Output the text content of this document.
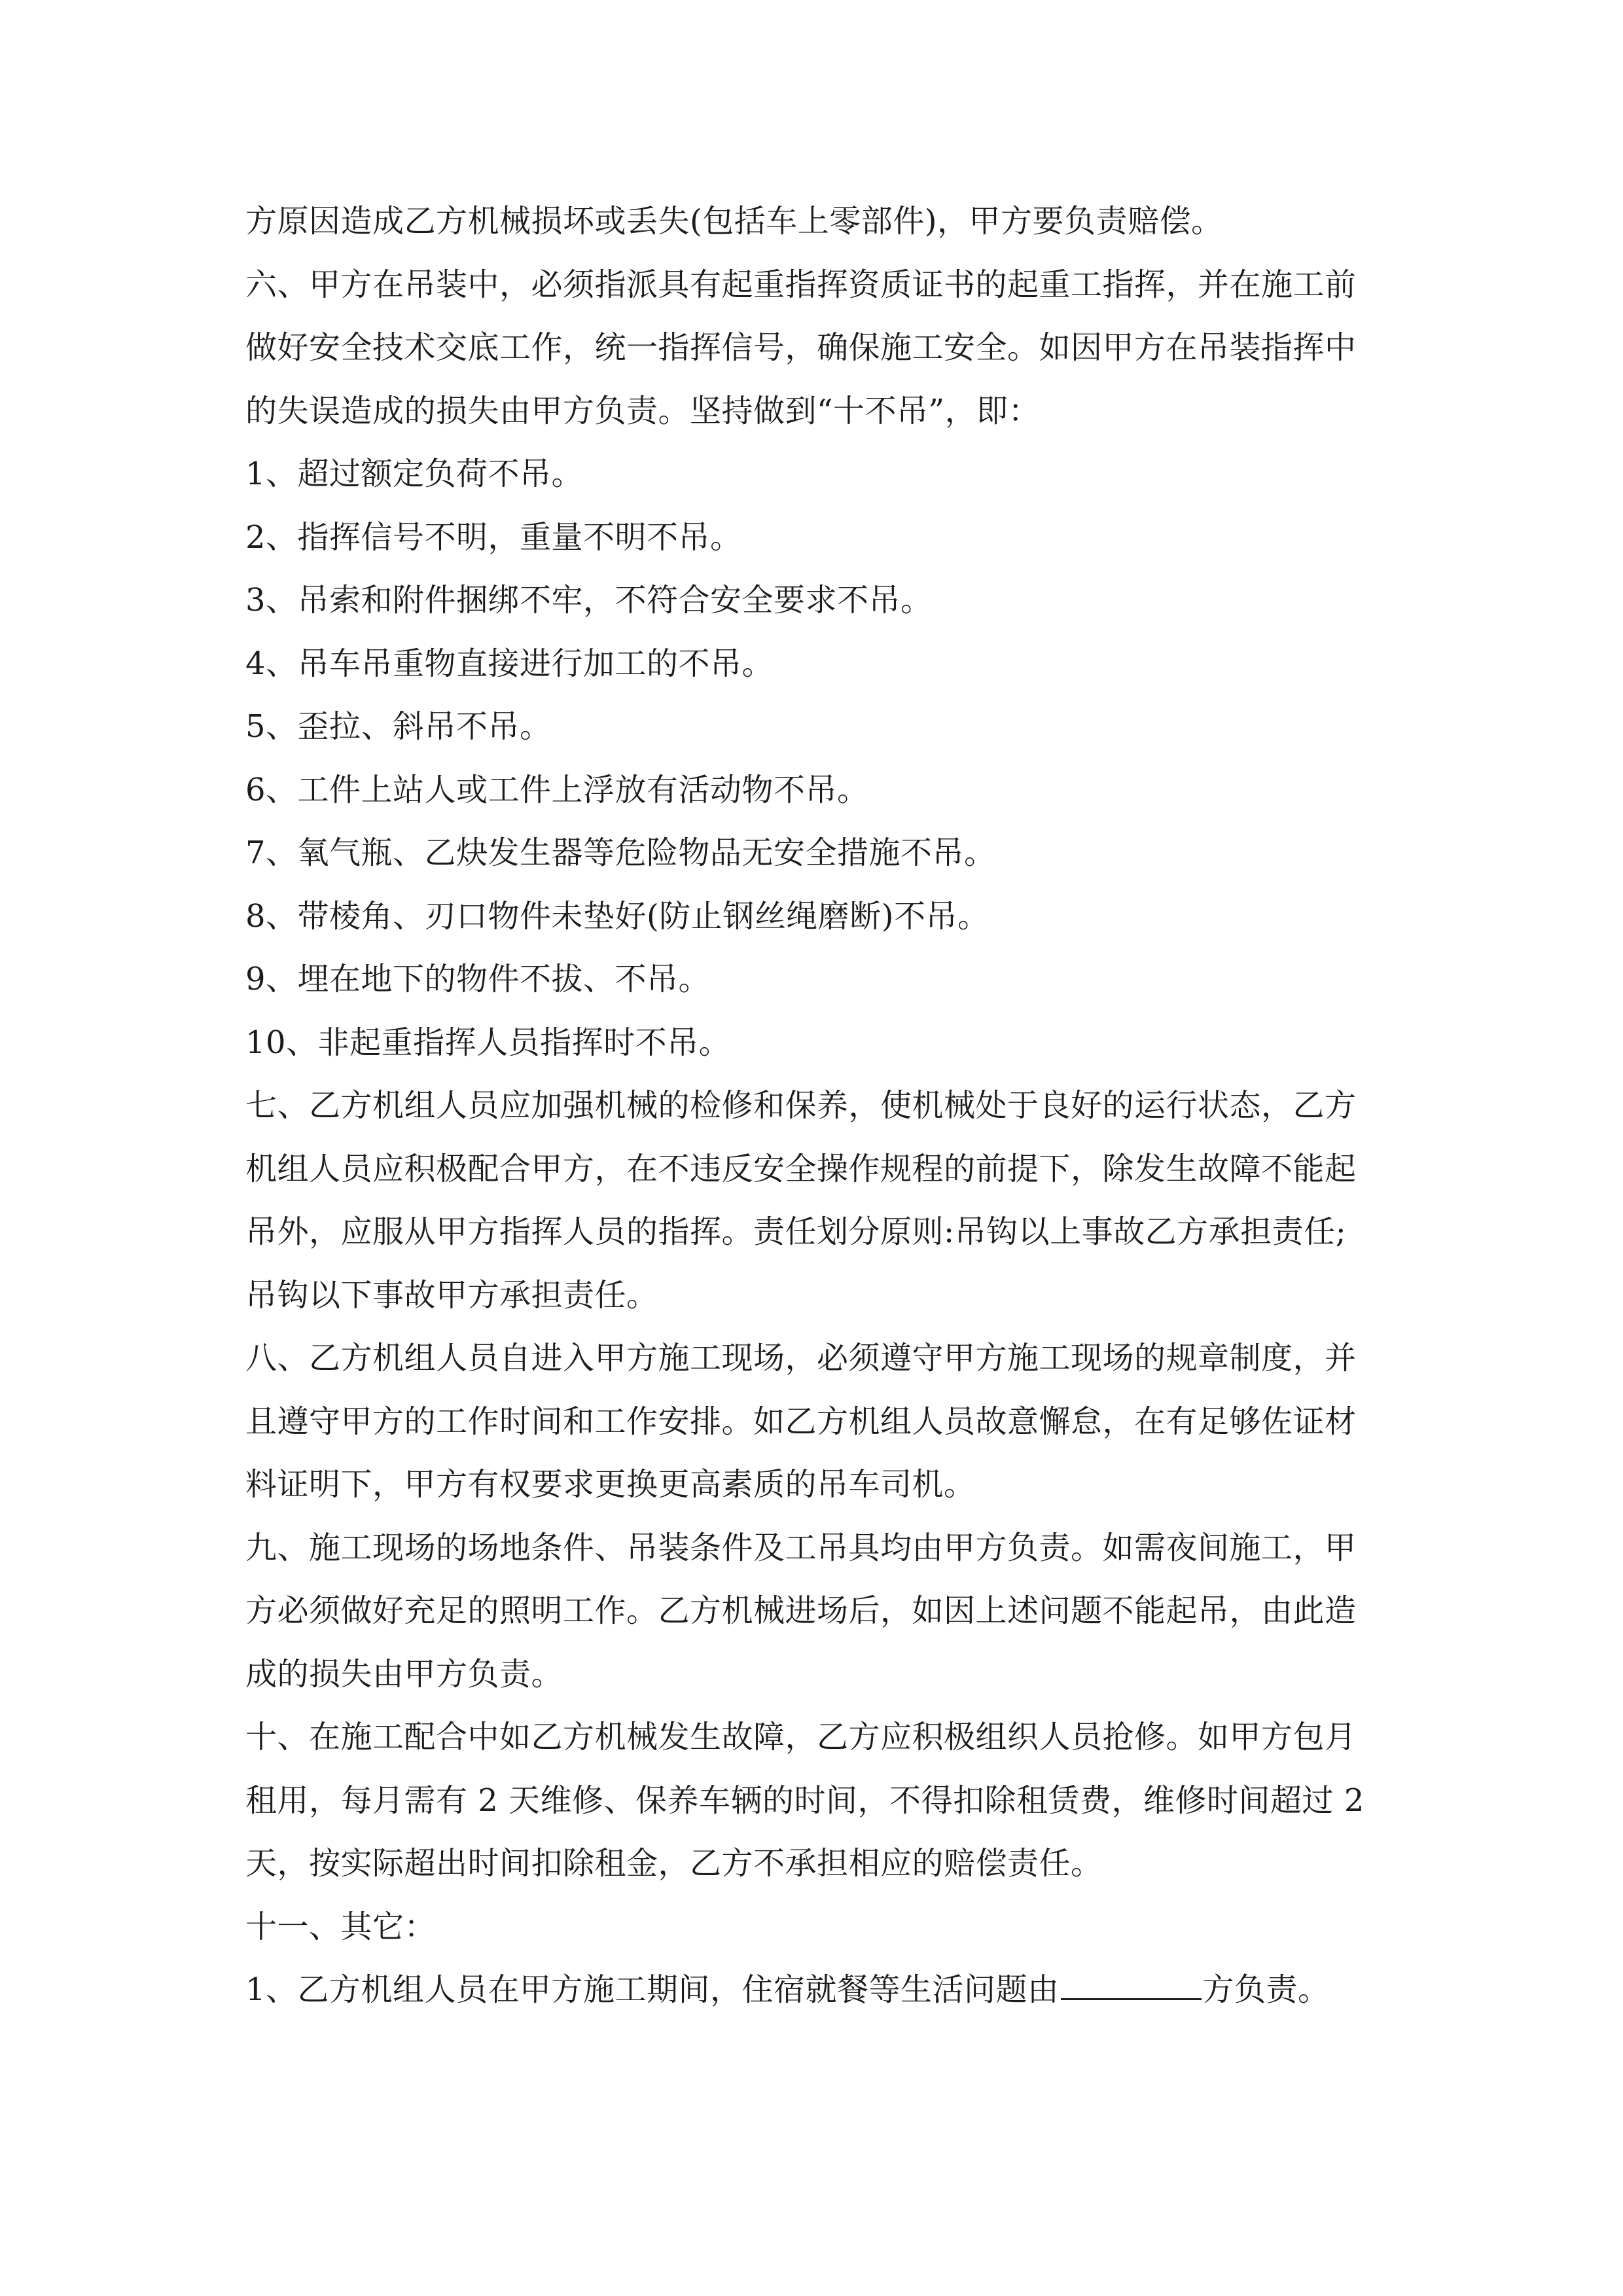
方原因造成乙方机械损坏或丢失(包括车上零部件)，甲方要负责赔偿。
六、甲方在吊装中，必须指派具有起重指挥资质证书的起重工指挥，并在施工前
做好安全技术交底工作，统一指挥信号，确保施工安全。如因甲方在吊装指挥中
的失误造成的损失由甲方负责。坚持做到“十不吊”，即：
1、超过额定负荷不吊。
2、指挥信号不明，重量不明不吊。
3、吊索和附件捆绑不牢，不符合安全要求不吊。
4、吊车吊重物直接进行加工的不吊。
5、歪拉、斜吊不吊。
6、工件上站人或工件上浮放有活动物不吊。
7、氧气瓶、乙炔发生器等危险物品无安全措施不吊。
8、带棱角、刃口物件未垫好(防止钢丝绳磨断)不吊。
9、埋在地下的物件不拔、不吊。
10、非起重指挥人员指挥时不吊。
七、乙方机组人员应加强机械的检修和保养，使机械处于良好的运行状态，乙方
机组人员应积极配合甲方，在不违反安全操作规程的前提下，除发生故障不能起
吊外，应服从甲方指挥人员的指挥。责任划分原则:吊钩以上事故乙方承担责任;
吊钩以下事故甲方承担责任。
八、乙方机组人员自进入甲方施工现场，必须遵守甲方施工现场的规章制度，并
且遵守甲方的工作时间和工作安排。如乙方机组人员故意懈怠，在有足够佐证材
料证明下，甲方有权要求更换更高素质的吊车司机。
九、施工现场的场地条件、吊装条件及工吊具均由甲方负责。如需夜间施工，甲
方必须做好充足的照明工作。乙方机械进场后，如因上述问题不能起吊，由此造
成的损失由甲方负责。
十、在施工配合中如乙方机械发生故障，乙方应积极组织人员抢修。如甲方包月
租用，每月需有 2 天维修、保养车辆的时间，不得扣除租赁费，维修时间超过 2
天，按实际超出时间扣除租金，乙方不承担相应的赔偿责任。
十一、其它：
1、乙方机组人员在甲方施工期间，住宿就餐等生活问题由	方负责。
